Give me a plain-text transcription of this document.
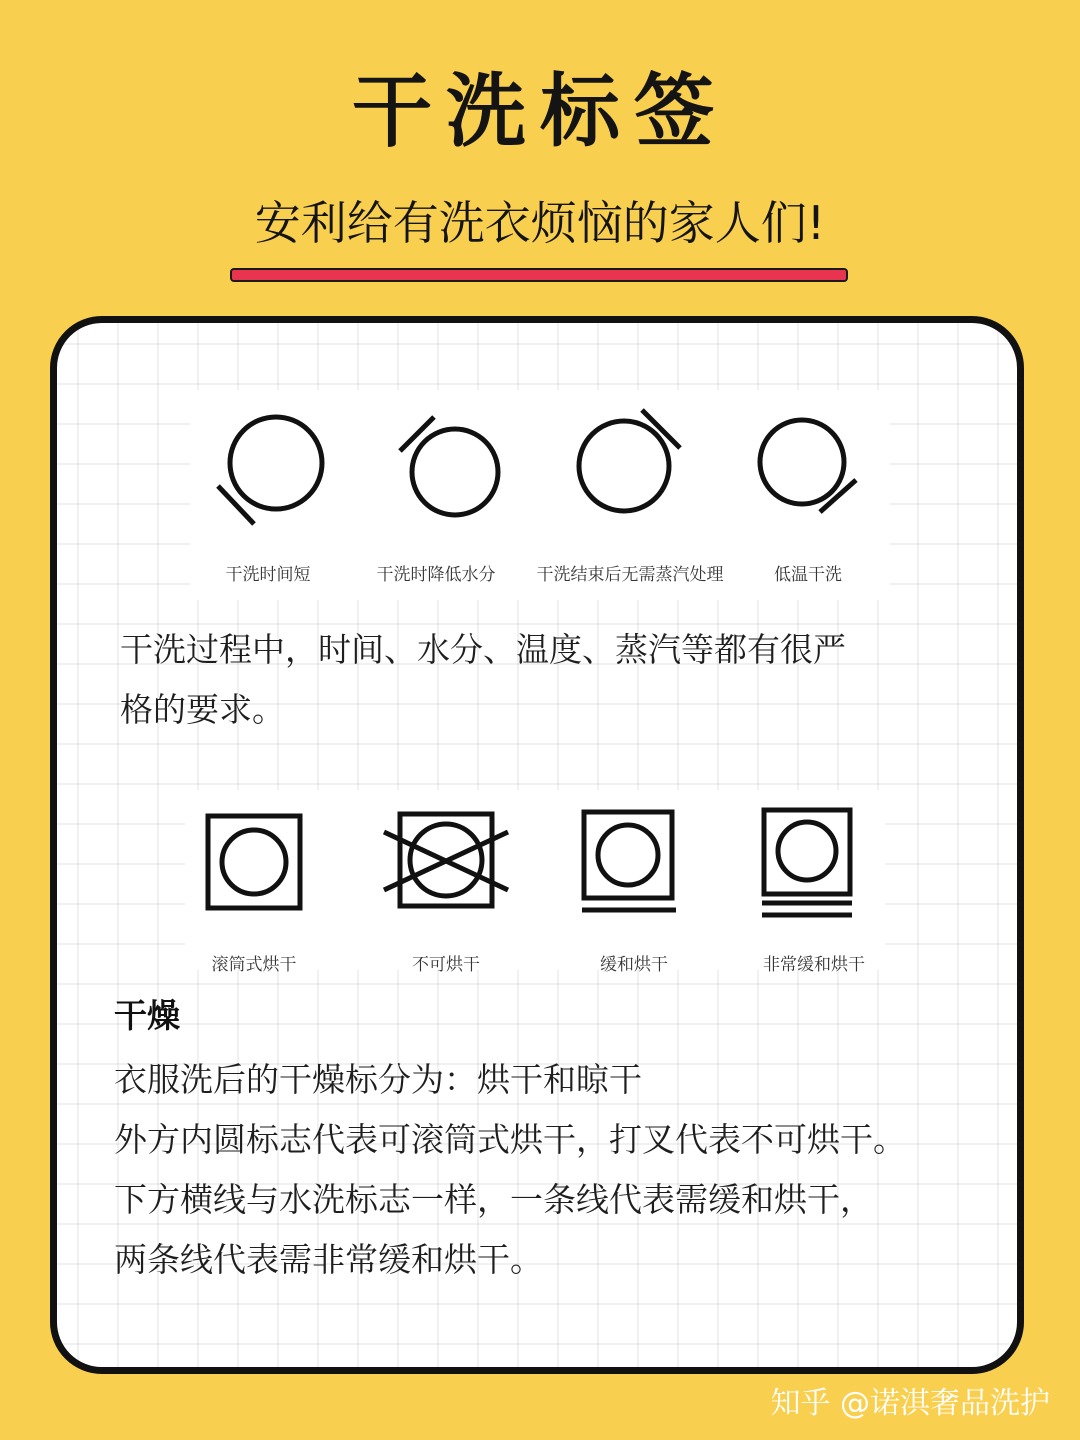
干洗标签
安利给有洗衣烦恼的家人们!
干洗时间短	干洗时降低水分	干洗结束后无需蒸汽处理	低温干洗
干洗过程中，时间、水分、温度、蒸汽等都有很严
格的要求。
滚筒式烘干	不可烘干	缓和烘干	非常缓和烘干
干燥
衣服洗后的干燥标分为：烘干和晾干
外方内圆标志代表可滚筒式烘干，打叉代表不可烘干。
下方横线与水洗标志一样，一条线代表需缓和烘干，
两条线代表需非常缓和烘干。
知乎 @诺淇奢品洗护
